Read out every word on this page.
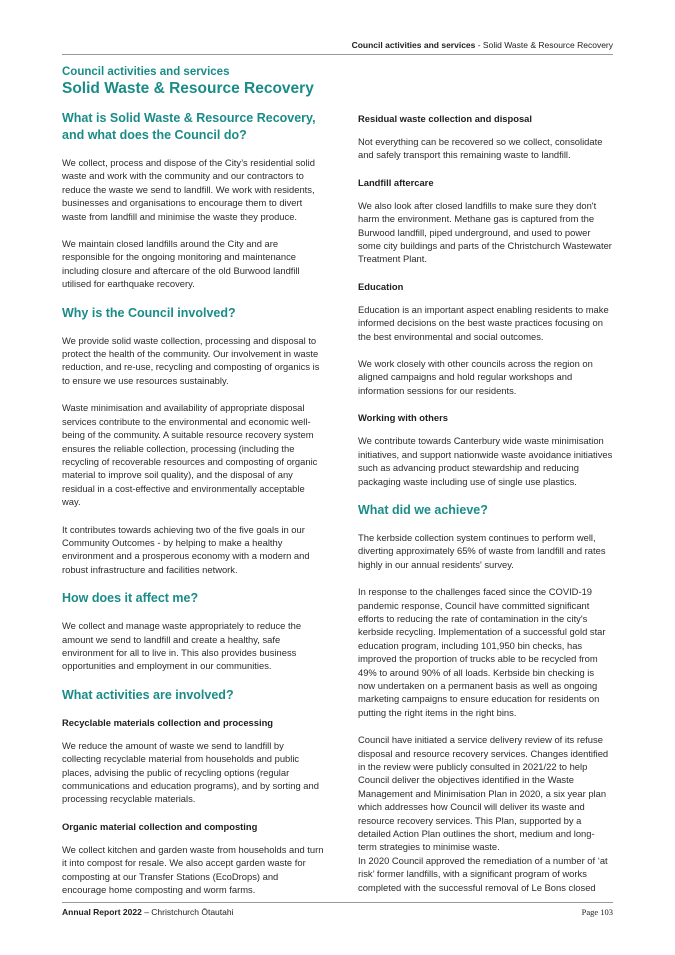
Council activities and services - Solid Waste & Resource Recovery
Council activities and services
Solid Waste & Resource Recovery
What is Solid Waste & Resource Recovery, and what does the Council do?

We collect, process and dispose of the City’s residential solid waste and work with the community and our contractors to reduce the waste we send to landfill. We work with residents, businesses and organisations to encourage them to divert waste from landfill and minimise the waste they produce.

We maintain closed landfills around the City and are responsible for the ongoing monitoring and maintenance including closure and aftercare of the old Burwood landfill utilised for earthquake recovery.

Why is the Council involved?

We provide solid waste collection, processing and disposal to protect the health of the community. Our involvement in waste reduction, and re-use, recycling and composting of organics is to ensure we use resources sustainably.

Waste minimisation and availability of appropriate disposal services contribute to the environmental and economic well-being of the community. A suitable resource recovery system ensures the reliable collection, processing (including the recycling of recoverable resources and composting of organic material to improve soil quality), and the disposal of any residual in a cost-effective and environmentally acceptable way.

It contributes towards achieving two of the five goals in our Community Outcomes - by helping to make a healthy environment and a prosperous economy with a modern and robust infrastructure and facilities network.

How does it affect me?

We collect and manage waste appropriately to reduce the amount we send to landfill and create a healthy, safe environment for all to live in. This also provides business opportunities and employment in our communities.

What activities are involved?
Recyclable materials collection and processing

We reduce the amount of waste we send to landfill by collecting recyclable material from households and public places, advising the public of recycling options (regular communications and education programs), and by sorting and processing recyclable materials.

Organic material collection and composting

We collect kitchen and garden waste from households and turn it into compost for resale. We also accept garden waste for composting at our Transfer Stations (EcoDrops) and encourage home composting and worm farms.

Residual waste collection and disposal

Not everything can be recovered so we collect, consolidate and safely transport this remaining waste to landfill.

Landfill aftercare

We also look after closed landfills to make sure they don't harm the environment. Methane gas is captured from the Burwood landfill, piped underground, and used to power some city buildings and parts of the Christchurch Wastewater Treatment Plant.

Education

Education is an important aspect enabling residents to make informed decisions on the best waste practices focusing on the best environmental and social outcomes.

We work closely with other councils across the region on aligned campaigns and hold regular workshops and information sessions for our residents.

Working with others

We contribute towards Canterbury wide waste minimisation initiatives, and support nationwide waste avoidance initiatives such as advancing product stewardship and reducing packaging waste including use of single use plastics.

What did we achieve?

The kerbside collection system continues to perform well, diverting approximately 65% of waste from landfill and rates highly in our annual residents' survey.

In response to the challenges faced since the COVID-19 pandemic response, Council have committed significant efforts to reducing the rate of contamination in the city's kerbside recycling. Implementation of a successful gold star education program, including 101,950 bin checks, has improved the proportion of trucks able to be recycled from 49% to around 90% of all loads. Kerbside bin checking is now undertaken on a permanent basis as well as ongoing marketing campaigns to ensure education for residents on putting the right items in the right bins.

Council have initiated a service delivery review of its refuse disposal and resource recovery services. Changes identified in the review were publicly consulted in 2021/22 to help Council deliver the objectives identified in the Waste Management and Minimisation Plan in 2020, a six year plan which addresses how Council will deliver its waste and resource recovery services. This Plan, supported by a detailed Action Plan outlines the short, medium and long-term strategies to minimise waste.

In 2020 Council approved the remediation of a number of ‘at risk’ former landfills, with a significant program of works completed with the successful removal of Le Bons closed

Annual Report 2022 – Christchurch Ōtautahi	Page 103
